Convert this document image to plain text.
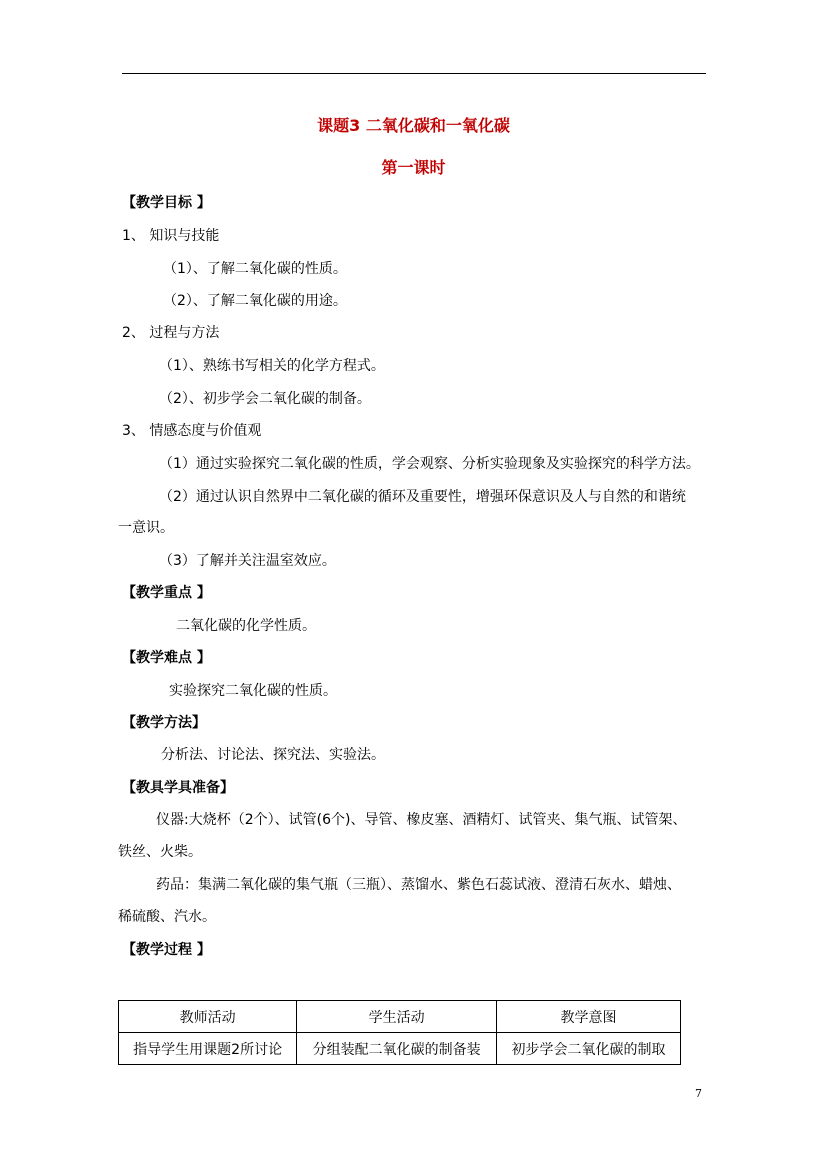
课题3 二氧化碳和一氧化碳
第一课时
【教学目标 】
1、 知识与技能
（1）、了解二氧化碳的性质。
（2）、了解二氧化碳的用途。
2、 过程与方法
（1）、熟练书写相关的化学方程式。
（2）、初步学会二氧化碳的制备。
3、 情感态度与价值观
（1）通过实验探究二氧化碳的性质，学会观察、分析实验现象及实验探究的科学方法。
（2）通过认识自然界中二氧化碳的循环及重要性，增强环保意识及人与自然的和谐统
一意识。
（3）了解并关注温室效应。
【教学重点 】
二氧化碳的化学性质。
【教学难点 】
实验探究二氧化碳的性质。
【教学方法】
分析法、讨论法、探究法、实验法。
【教具学具准备】
仪器:大烧杯（2个）、试管(6个)、导管、橡皮塞、酒精灯、试管夹、集气瓶、试管架、
铁丝、火柴。
药品：集满二氧化碳的集气瓶（三瓶）、蒸馏水、紫色石蕊试液、澄清石灰水、蜡烛、
稀硫酸、汽水。
【教学过程 】
教师活动	学生活动	教学意图
指导学生用课题2所讨论	分组装配二氧化碳的制备装	初步学会二氧化碳的制取
7
